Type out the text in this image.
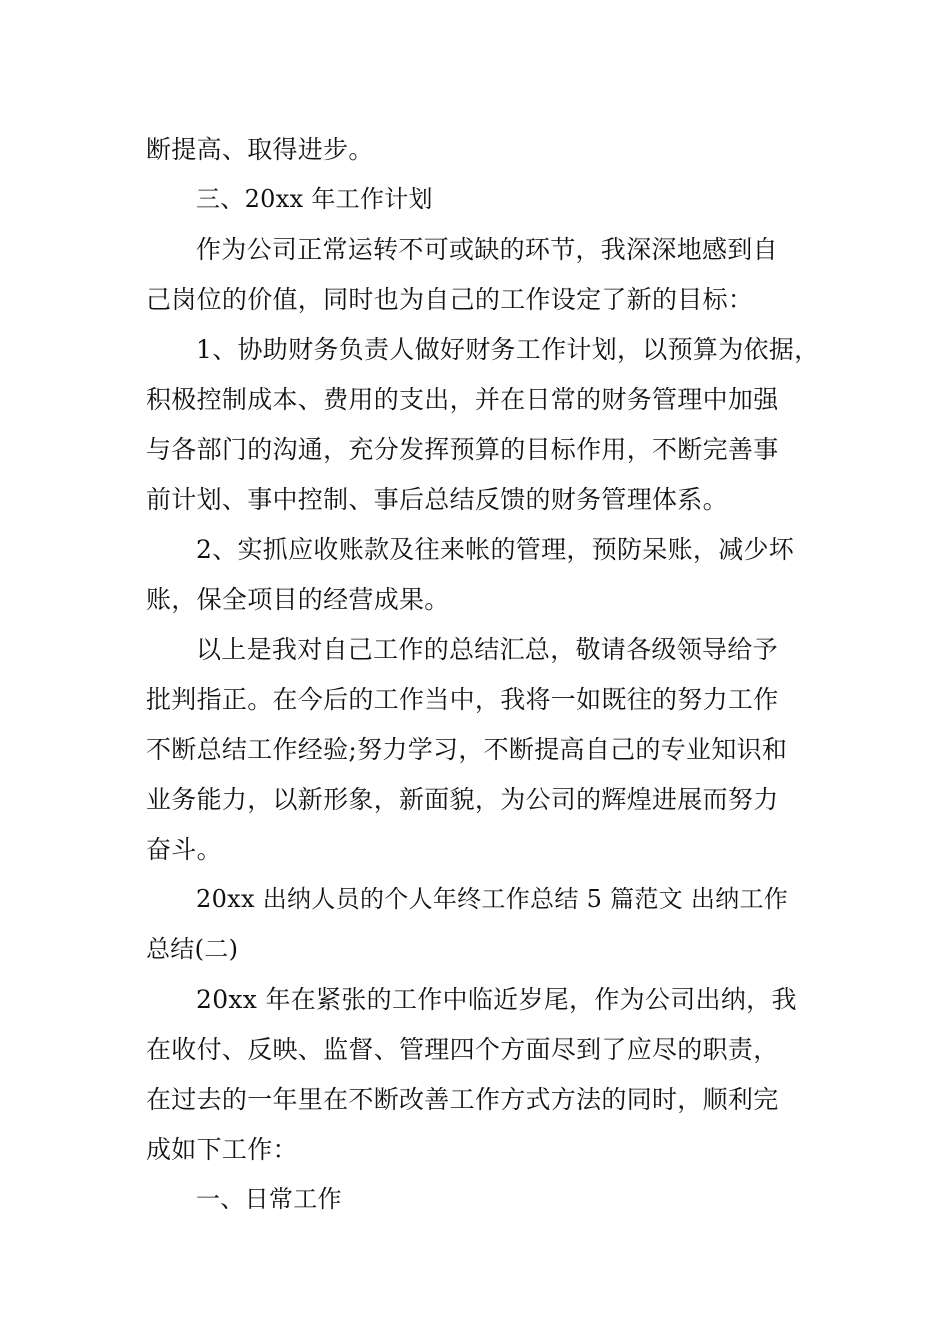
断提高、取得进步。
三、20xx 年工作计划
作为公司正常运转不可或缺的环节，我深深地感到自
己岗位的价值，同时也为自己的工作设定了新的目标：
1、协助财务负责人做好财务工作计划，以预算为依据，
积极控制成本、费用的支出，并在日常的财务管理中加强
与各部门的沟通，充分发挥预算的目标作用，不断完善事
前计划、事中控制、事后总结反馈的财务管理体系。
2、实抓应收账款及往来帐的管理，预防呆账，减少坏
账，保全项目的经营成果。
以上是我对自己工作的总结汇总，敬请各级领导给予
批判指正。在今后的工作当中，我将一如既往的努力工作
不断总结工作经验;努力学习，不断提高自己的专业知识和
业务能力，以新形象，新面貌，为公司的辉煌进展而努力
奋斗。
20xx 出纳人员的个人年终工作总结 5 篇范文 出纳工作
总结(二)
20xx 年在紧张的工作中临近岁尾，作为公司出纳，我
在收付、反映、监督、管理四个方面尽到了应尽的职责，
在过去的一年里在不断改善工作方式方法的同时，顺利完
成如下工作：
一、日常工作
